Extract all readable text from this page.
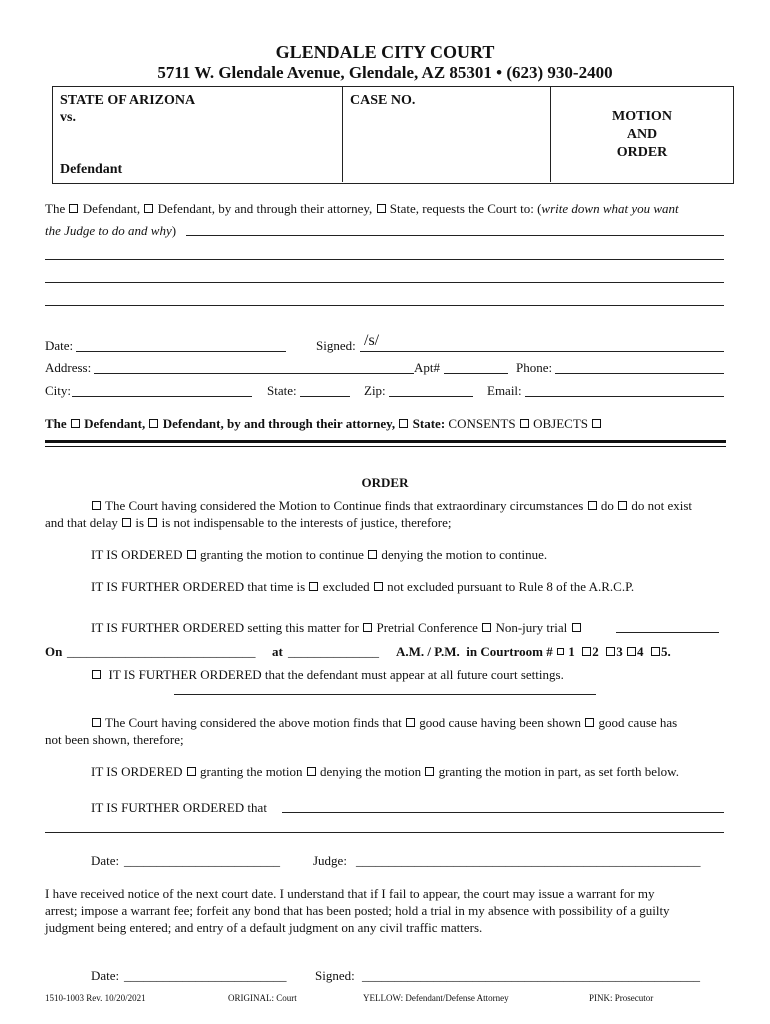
GLENDALE CITY COURT
5711 W. Glendale Avenue, Glendale, AZ 85301 • (623) 930-2400
STATE OF ARIZONA
vs.
Defendant
CASE NO.
MOTION
AND
ORDER
The Defendant, Defendant, by and through their attorney, State, requests the Court to: (write down what you want
the Judge to do and why)
Date:	Signed: /s/
Address:	Apt#	Phone:
City:	State:	Zip:	Email:
The Defendant, Defendant, by and through their attorney, State: CONSENTS OBJECTS
ORDER
The Court having considered the Motion to Continue finds that extraordinary circumstances do do not exist
and that delay is is not indispensable to the interests of justice, therefore;
IT IS ORDERED granting the motion to continue denying the motion to continue.
IT IS FURTHER ORDERED that time is excluded not excluded pursuant to Rule 8 of the A.R.C.P.
IT IS FURTHER ORDERED setting this matter for Pretrial Conference Non-jury trial
On _____________________________ at ______________ A.M. / P.M. in Courtroom # 1 2 3 4 5.
IT IS FURTHER ORDERED that the defendant must appear at all future court settings.
The Court having considered the above motion finds that good cause having been shown good cause has
not been shown, therefore;
IT IS ORDERED granting the motion denying the motion granting the motion in part, as set forth below.
IT IS FURTHER ORDERED that
Date: ________________________	Judge: _____________________________________________________
I have received notice of the next court date. I understand that if I fail to appear, the court may issue a warrant for my
arrest; impose a warrant fee; forfeit any bond that has been posted; hold a trial in my absence with possibility of a guilty
judgment being entered; and entry of a default judgment on any civil traffic matters.
Date: _________________________ Signed: ____________________________________________________
1510-1003 Rev. 10/20/2021	ORIGINAL: Court	YELLOW: Defendant/Defense Attorney	PINK: Prosecutor
